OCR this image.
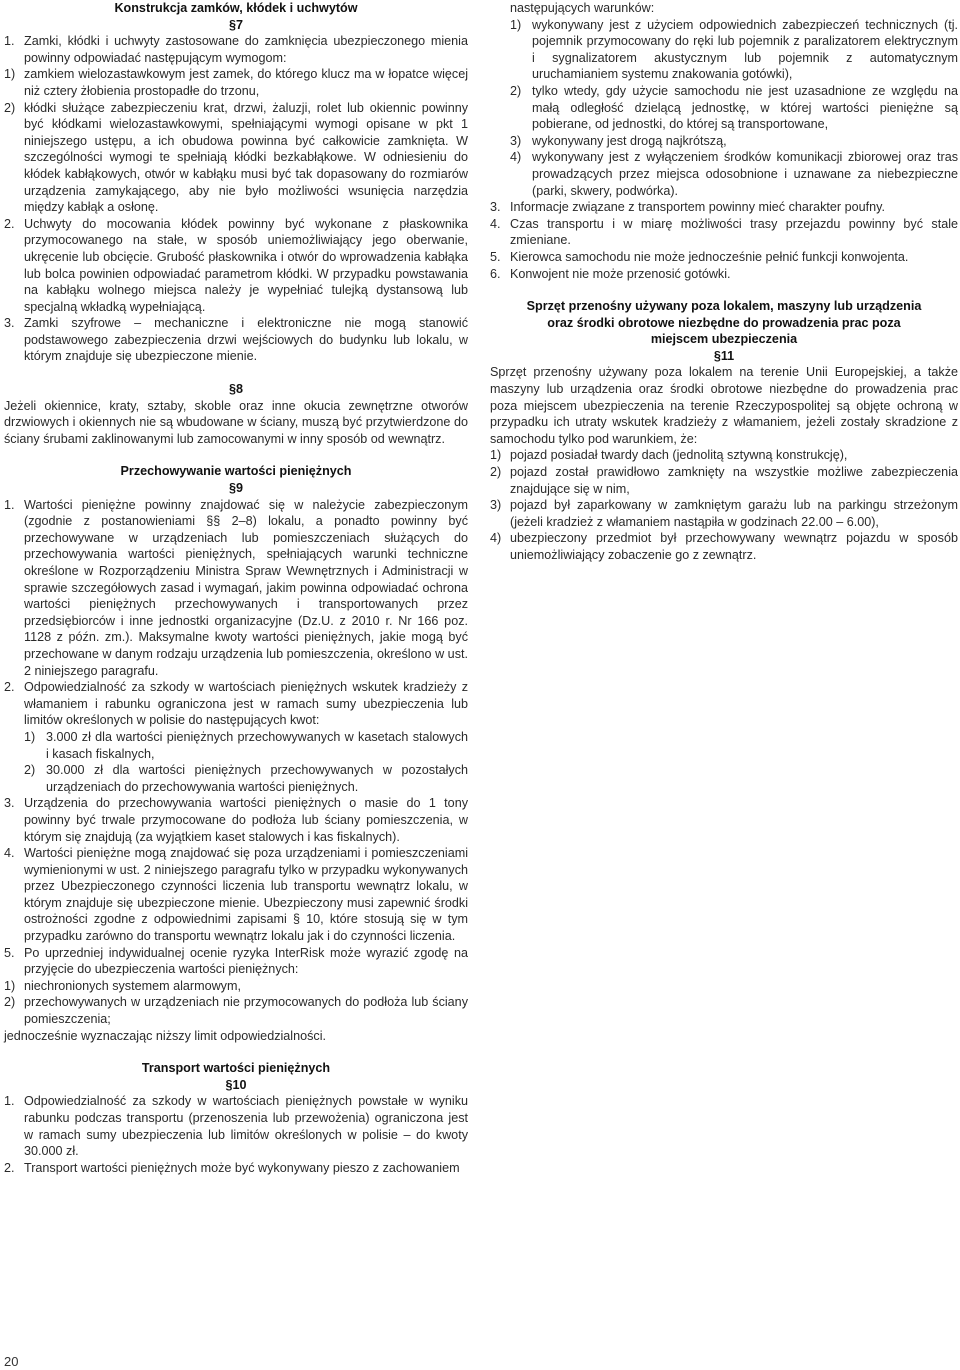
Konstrukcja zamków, kłódek i uchwytów
§7
1. Zamki, kłódki i uchwyty zastosowane do zamknięcia ubezpieczonego mienia powinny odpowiadać następującym wymogom:
1) zamkiem wielozastawkowym jest zamek, do którego klucz ma w łopatce więcej niż cztery żłobienia prostopadłe do trzonu,
2) kłódki służące zabezpieczeniu krat, drzwi, żaluzji, rolet lub okiennic powinny być kłódkami wielozastawkowymi, spełniającymi wymogi opisane w pkt 1 niniejszego ustępu, a ich obudowa powinna być całkowicie zamknięta. W szczególności wymogi te spełniają kłódki bezkabłąkowe. W odniesieniu do kłódek kabłąkowych, otwór w kabłąku musi być tak dopasowany do rozmiarów urządzenia zamykającego, aby nie było możliwości wsunięcia narzędzia między kabłąk a osłonę.
2. Uchwyty do mocowania kłódek powinny być wykonane z płaskownika przymocowanego na stałe, w sposób uniemożliwiający jego oberwanie, ukręcenie lub obcięcie. Grubość płaskownika i otwór do wprowadzenia kabłąka lub bolca powinien odpowiadać parametrom kłódki. W przypadku powstawania na kabłąku wolnego miejsca należy je wypełniać tulejką dystansową lub specjalną wkładką wypełniającą.
3. Zamki szyfrowe – mechaniczne i elektroniczne nie mogą stanowić podstawowego zabezpieczenia drzwi wejściowych do budynku lub lokalu, w którym znajduje się ubezpieczone mienie.
§8

Jeżeli okiennice, kraty, sztaby, skoble oraz inne okucia zewnętrzne otworów drzwiowych i okiennych nie są wbudowane w ściany, muszą być przytwierdzone do ściany śrubami zaklinowanymi lub zamocowanymi w inny sposób od wewnątrz.

Przechowywanie wartości pieniężnych
§9
1. Wartości pieniężne powinny znajdować się w należycie zabezpieczonym (zgodnie z postanowieniami §§ 2–8) lokalu, a ponadto powinny być przechowywane w urządzeniach lub pomieszczeniach służących do przechowywania wartości pieniężnych, spełniających warunki techniczne określone w Rozporządzeniu Ministra Spraw Wewnętrznych i Administracji w sprawie szczegółowych zasad i wymagań, jakim powinna odpowiadać ochrona wartości pieniężnych przechowywanych i transportowanych przez przedsiębiorców i inne jednostki organizacyjne (Dz.U. z 2010 r. Nr 166 poz. 1128 z późn. zm.). Maksymalne kwoty wartości pieniężnych, jakie mogą być przechowane w danym rodzaju urządzenia lub pomieszczenia, określono w ust. 2 niniejszego paragrafu.
2. Odpowiedzialność za szkody w wartościach pieniężnych wskutek kradzieży z włamaniem i rabunku ograniczona jest w ramach sumy ubezpieczenia lub limitów określonych w polisie do następujących kwot:
1) 3.000 zł dla wartości pieniężnych przechowywanych w kasetach stalowych i kasach fiskalnych,
2) 30.000 zł dla wartości pieniężnych przechowywanych w pozostałych urządzeniach do przechowywania wartości pieniężnych.
3. Urządzenia do przechowywania wartości pieniężnych o masie do 1 tony powinny być trwale przymocowane do podłoża lub ściany pomieszczenia, w którym się znajdują (za wyjątkiem kaset stalowych i kas fiskalnych).
4. Wartości pieniężne mogą znajdować się poza urządzeniami i pomieszczeniami wymienionymi w ust. 2 niniejszego paragrafu tylko w przypadku wykonywanych przez Ubezpieczonego czynności liczenia lub transportu wewnątrz lokalu, w którym znajduje się ubezpieczone mienie. Ubezpieczony musi zapewnić środki ostrożności zgodne z odpowiednimi zapisami § 10, które stosują się w tym przypadku zarówno do transportu wewnątrz lokalu jak i do czynności liczenia.
5. Po uprzedniej indywidualnej ocenie ryzyka InterRisk może wyrazić zgodę na przyjęcie do ubezpieczenia wartości pieniężnych:
1) niechronionych systemem alarmowym,
2) przechowywanych w urządzeniach nie przymocowanych do podłoża lub ściany pomieszczenia;

jednocześnie wyznaczając niższy limit odpowiedzialności.

Transport wartości pieniężnych
§10
1. Odpowiedzialność za szkody w wartościach pieniężnych powstałe w wyniku rabunku podczas transportu (przenoszenia lub przewożenia) ograniczona jest w ramach sumy ubezpieczenia lub limitów określonych w polisie – do kwoty 30.000 zł.
2. Transport wartości pieniężnych może być wykonywany pieszo z zachowaniem

następujących warunków:

1) wykonywany jest z użyciem odpowiednich zabezpieczeń technicznych (tj. pojemnik przymocowany do ręki lub pojemnik z paralizatorem elektrycznym i sygnalizatorem akustycznym lub pojemnik z automatycznym uruchamianiem systemu znakowania gotówki),
2) tylko wtedy, gdy użycie samochodu nie jest uzasadnione ze względu na małą odległość dzielącą jednostkę, w której wartości pieniężne są pobierane, od jednostki, do której są transportowane,
3) wykonywany jest drogą najkrótszą,
4) wykonywany jest z wyłączeniem środków komunikacji zbiorowej oraz tras prowadzących przez miejsca odosobnione i uznawane za niebezpieczne (parki, skwery, podwórka).
3. Informacje związane z transportem powinny mieć charakter poufny.
4. Czas transportu i w miarę możliwości trasy przejazdu powinny być stale zmieniane.
5. Kierowca samochodu nie może jednocześnie pełnić funkcji konwojenta.
6. Konwojent nie może przenosić gotówki.
Sprzęt przenośny używany poza lokalem, maszyny lub urządzenia oraz środki obrotowe niezbędne do prowadzenia prac poza miejscem ubezpieczenia
§11

Sprzęt przenośny używany poza lokalem na terenie Unii Europejskiej, a także maszyny lub urządzenia oraz środki obrotowe niezbędne do prowadzenia prac poza miejscem ubezpieczenia na terenie Rzeczypospolitej są objęte ochroną w przypadku ich utraty wskutek kradzieży z włamaniem, jeżeli zostały skradzione z samochodu tylko pod warunkiem, że:

1) pojazd posiadał twardy dach (jednolitą sztywną konstrukcję),
2) pojazd został prawidłowo zamknięty na wszystkie możliwe zabezpieczenia znajdujące się w nim,
3) pojazd był zaparkowany w zamkniętym garażu lub na parkingu strzeżonym (jeżeli kradzież z włamaniem nastąpiła w godzinach 22.00 – 6.00),
4) ubezpieczony przedmiot był przechowywany wewnątrz pojazdu w sposób uniemożliwiający zobaczenie go z zewnątrz.
20
